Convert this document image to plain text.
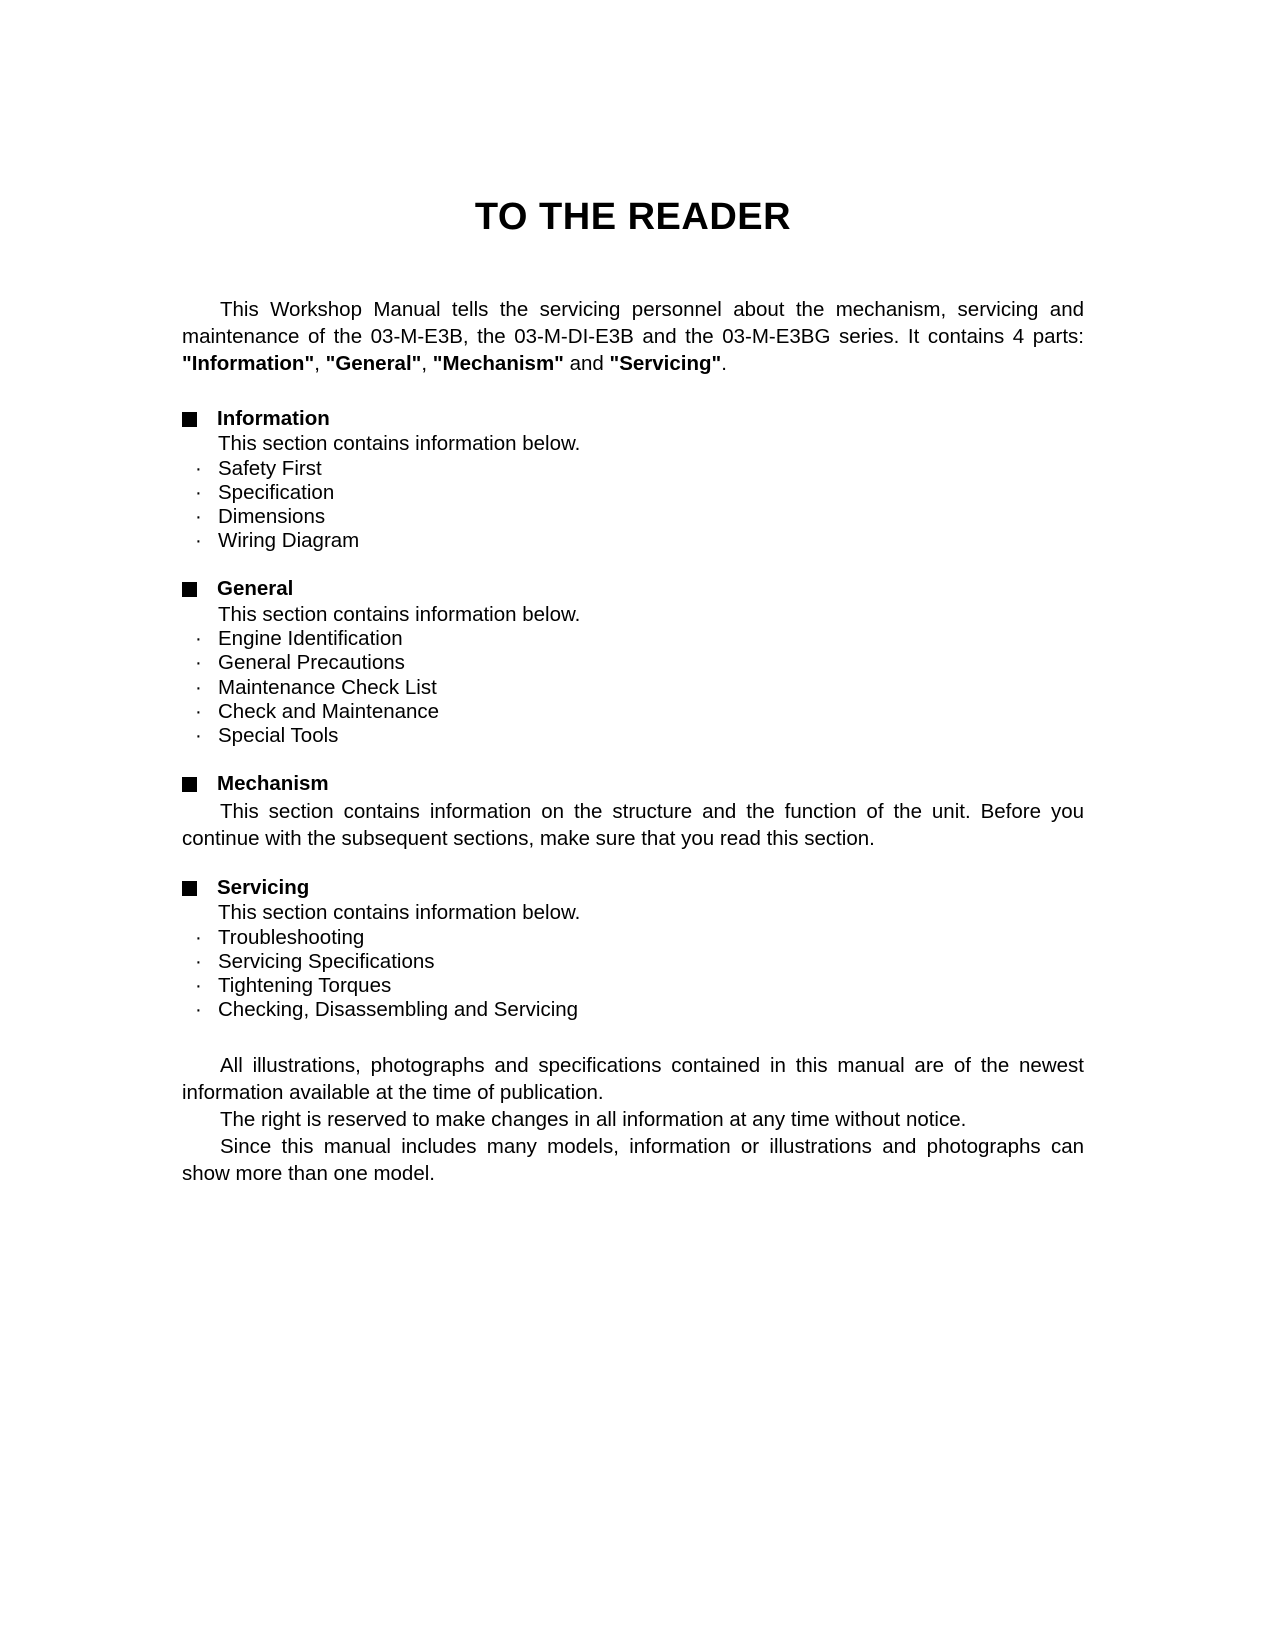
TO THE READER

This Workshop Manual tells the servicing personnel about the mechanism, servicing and maintenance of the 03-M-E3B, the 03-M-DI-E3B and the 03-M-E3BG series. It contains 4 parts: "Information", "General", "Mechanism" and "Servicing".

Information
This section contains information below.
· Safety First
· Specification
· Dimensions
· Wiring Diagram
General
This section contains information below.
· Engine Identification
· General Precautions
· Maintenance Check List
· Check and Maintenance
· Special Tools
Mechanism

This section contains information on the structure and the function of the unit. Before you continue with the subsequent sections, make sure that you read this section.

Servicing
This section contains information below.
· Troubleshooting
· Servicing Specifications
· Tightening Torques
· Checking, Disassembling and Servicing

All illustrations, photographs and specifications contained in this manual are of the newest information available at the time of publication.

The right is reserved to make changes in all information at any time without notice.

Since this manual includes many models, information or illustrations and photographs can show more than one model.
